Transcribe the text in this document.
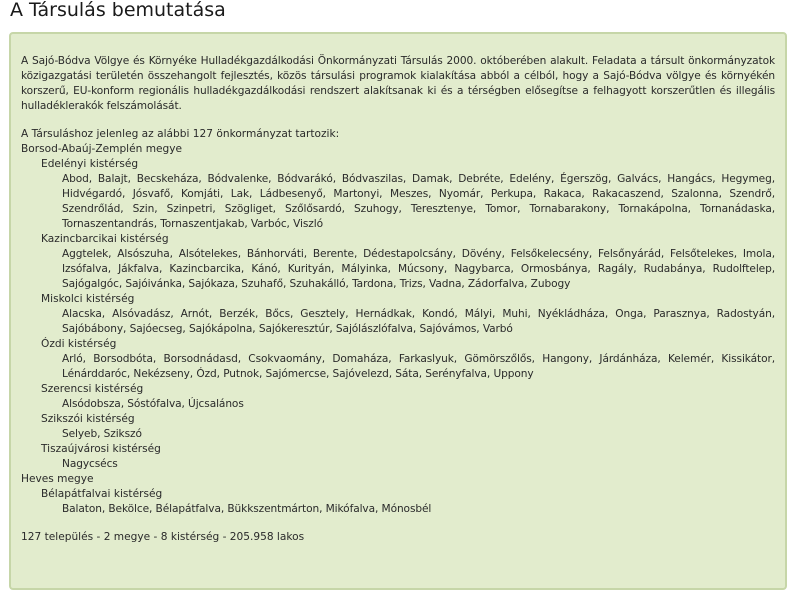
A Társulás bemutatása

A Sajó-Bódva Völgye és Környéke Hulladékgazdálkodási Önkormányzati Társulás 2000. októberében alakult. Feladata a társult önkormányzatok közigazgatási területén összehangolt fejlesztés, közös társulási programok kialakítása abból a célból, hogy a Sajó-Bódva völgye és környékén korszerű, EU-konform regionális hulladékgazdálkodási rendszert alakítsanak ki és a térségben elősegítse a felhagyott korszerűtlen és illegális hulladéklerakók felszámolását.

A Társuláshoz jelenleg az alábbi 127 önkormányzat tartozik:
Borsod-Abaúj-Zemplén megye
Edelényi kistérség
Abod, Balajt, Becskeháza, Bódvalenke, Bódvarákó, Bódvaszilas, Damak, Debréte, Edelény, Égerszög, Galvács, Hangács, Hegymeg, Hidvégardó, Jósvafő, Komjáti, Lak, Ládbesenyő, Martonyi, Meszes, Nyomár, Perkupa, Rakaca, Rakacaszend, Szalonna, Szendrő, Szendrőlád, Szin, Szinpetri, Szögliget, Szőlősardó, Szuhogy, Teresztenye, Tomor, Tornabarakony, Tornakápolna, Tornanádaska, Tornaszentandrás, Tornaszentjakab, Varbóc, Viszló
Kazincbarcikai kistérség
Aggtelek, Alsószuha, Alsótelekes, Bánhorváti, Berente, Dédestapolcsány, Dövény, Felsőkelecsény, Felsőnyárád, Felsőtelekes, Imola, Izsófalva, Jákfalva, Kazincbarcika, Kánó, Kurityán, Mályinka, Múcsony, Nagybarca, Ormosbánya, Ragály, Rudabánya, Rudolftelep, Sajógalgóc, Sajóivánka, Sajókaza, Szuhafő, Szuhakálló, Tardona, Trizs, Vadna, Zádorfalva, Zubogy
Miskolci kistérség
Alacska, Alsóvadász, Arnót, Berzék, Bőcs, Gesztely, Hernádkak, Kondó, Mályi, Muhi, Nyékládháza, Onga, Parasznya, Radostyán, Sajóbábony, Sajóecseg, Sajókápolna, Sajókeresztúr, Sajólászlófalva, Sajóvámos, Varbó
Ózdi kistérség
Arló, Borsodbóta, Borsodnádasd, Csokvaomány, Domaháza, Farkaslyuk, Gömörszőlős, Hangony, Járdánháza, Kelemér, Kissikátor, Lénárddaróc, Nekézseny, Ózd, Putnok, Sajómercse, Sajóvelezd, Sáta, Serényfalva, Uppony
Szerencsi kistérség
Alsódobsza, Sóstófalva, Újcsalános
Szikszói kistérség
Selyeb, Szikszó
Tiszaújvárosi kistérség
Nagycsécs
Heves megye
Bélapátfalvai kistérség
Balaton, Bekölce, Bélapátfalva, Bükkszentmárton, Mikófalva, Mónosbél
127 település - 2 megye - 8 kistérség - 205.958 lakos
